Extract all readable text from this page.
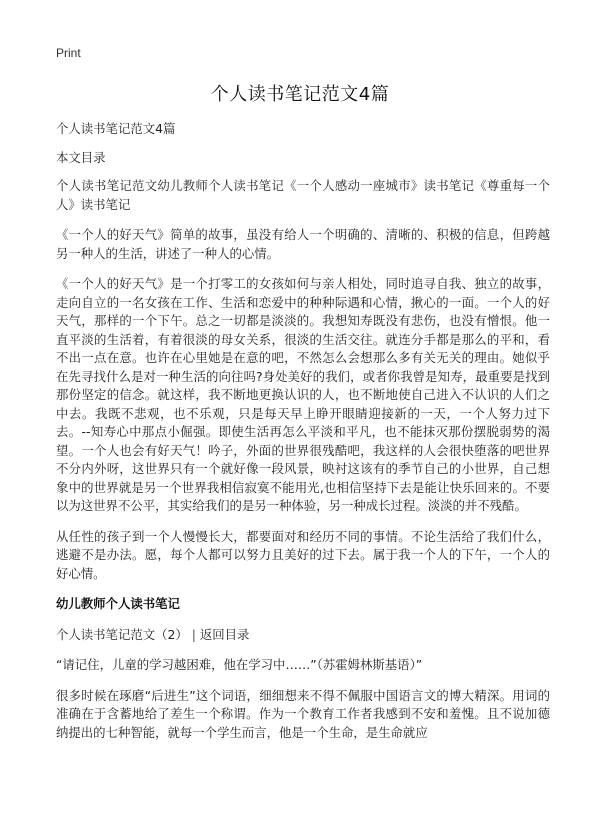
Print
个人读书笔记范文4篇

个人读书笔记范文4篇

本文目录

个人读书笔记范文幼儿教师个人读书笔记《一个人感动一座城市》读书笔记《尊重每一个人》读书笔记

《一个人的好天气》简单的故事，虽没有给人一个明确的、清晰的、积极的信息，但跨越另一种人的生活，讲述了一种人的心情。

《一个人的好天气》是一个打零工的女孩如何与亲人相处，同时追寻自我、独立的故事，走向自立的一名女孩在工作、生活和恋爱中的种种际遇和心情，揪心的一面。一个人的好天气，那样的一个下午。总之一切都是淡淡的。我想知寿既没有悲伤，也没有憎恨。他一直平淡的生活着，有着很淡的母女关系，很淡的生活交往。就连分手都是那么的平和，看不出一点在意。也许在心里她是在意的吧，不然怎么会想那么多有关无关的理由。她似乎在先寻找什么是对一种生活的向往吗?身处美好的我们，或者你我曾是知寿，最重要是找到那份坚定的信念。就这样，我不断地更换认识的人，也不断地使自己进入不认识的人们之中去。我既不悲观，也不乐观，只是每天早上睁开眼睛迎接新的一天，一个人努力过下去。--知寿心中那点小倔强。即使生活再怎么平淡和平凡，也不能抹灭那份摆脱弱势的渴望。一个人也会有好天气！吟子，外面的世界很残酷吧，我这样的人会很快堕落的吧世界不分内外呀，这世界只有一个就好像一段风景，映衬这该有的季节自己的小世界，自己想象中的世界就是另一个世界我相信寂寞不能用光,也相信坚持下去是能让快乐回来的。不要以为这世界不公平，其实给我们的是另一种体验，另一种成长过程。淡淡的并不残酷。

从任性的孩子到一个人慢慢长大，都要面对和经历不同的事情。不论生活给了我们什么，逃避不是办法。愿，每个人都可以努力且美好的过下去。属于我一个人的下午，一个人的好心情。

幼儿教师个人读书笔记

个人读书笔记范文（2） | 返回目录

“请记住，儿童的学习越困难，他在学习中……”（苏霍姆林斯基语）”

很多时候在琢磨“后进生”这个词语，细细想来不得不佩服中国语言文的博大精深。用词的准确在于含蓄地给了差生一个称谓。作为一个教育工作者我感到不安和羞愧。且不说加德纳提出的七种智能，就每一个学生而言，他是一个生命，是生命就应
